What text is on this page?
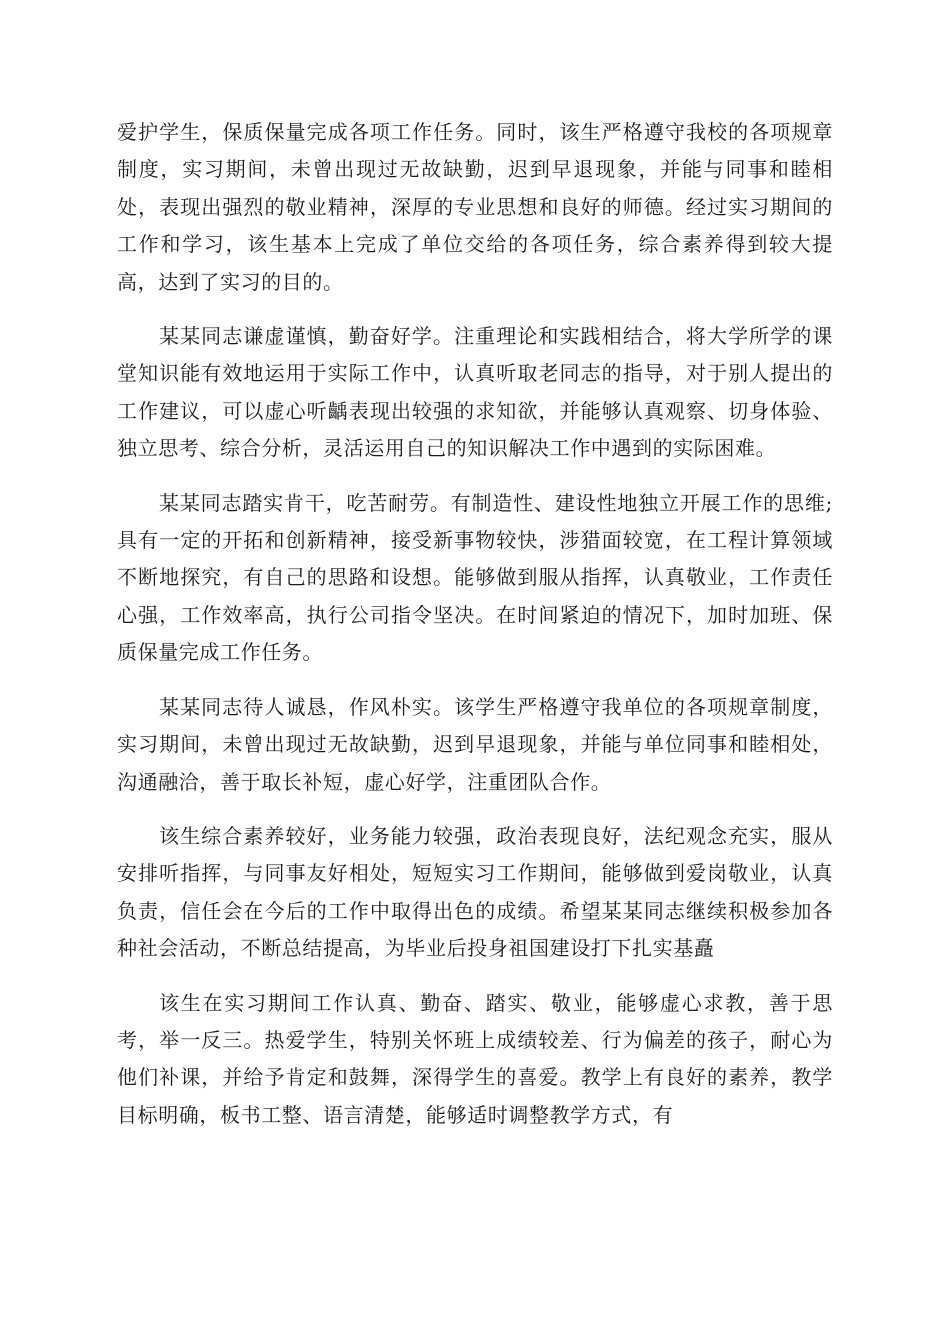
爱护学生，保质保量完成各项工作任务。同时，该生严格遵守我校的各项规章制度，实习期间，未曾出现过无故缺勤，迟到早退现象，并能与同事和睦相处，表现出强烈的敬业精神，深厚的专业思想和良好的师德。经过实习期间的工作和学习，该生基本上完成了单位交给的各项任务，综合素养得到较大提高，达到了实习的目的。

某某同志谦虚谨慎，勤奋好学。注重理论和实践相结合，将大学所学的课堂知识能有效地运用于实际工作中，认真听取老同志的指导，对于别人提出的工作建议，可以虚心听齲表现出较强的求知欲，并能够认真观察、切身体验、独立思考、综合分析，灵活运用自己的知识解决工作中遇到的实际困难。

某某同志踏实肯干，吃苦耐劳。有制造性、建设性地独立开展工作的思维;具有一定的开拓和创新精神，接受新事物较快，涉猎面较宽，在工程计算领域不断地探究，有自己的思路和设想。能够做到服从指挥，认真敬业，工作责任心强，工作效率高，执行公司指令坚决。在时间紧迫的情况下，加时加班、保质保量完成工作任务。

某某同志待人诚恳，作风朴实。该学生严格遵守我单位的各项规章制度，实习期间，未曾出现过无故缺勤，迟到早退现象，并能与单位同事和睦相处，沟通融洽，善于取长补短，虚心好学，注重团队合作。

该生综合素养较好，业务能力较强，政治表现良好，法纪观念充实，服从安排听指挥，与同事友好相处，短短实习工作期间，能够做到爱岗敬业，认真负责，信任会在今后的工作中取得出色的成绩。希望某某同志继续积极参加各种社会活动，不断总结提高，为毕业后投身祖国建设打下扎实基矗

该生在实习期间工作认真、勤奋、踏实、敬业，能够虚心求教，善于思考，举一反三。热爱学生，特别关怀班上成绩较差、行为偏差的孩子，耐心为他们补课，并给予肯定和鼓舞，深得学生的喜爱。教学上有良好的素养，教学目标明确，板书工整、语言清楚，能够适时调整教学方式，有
